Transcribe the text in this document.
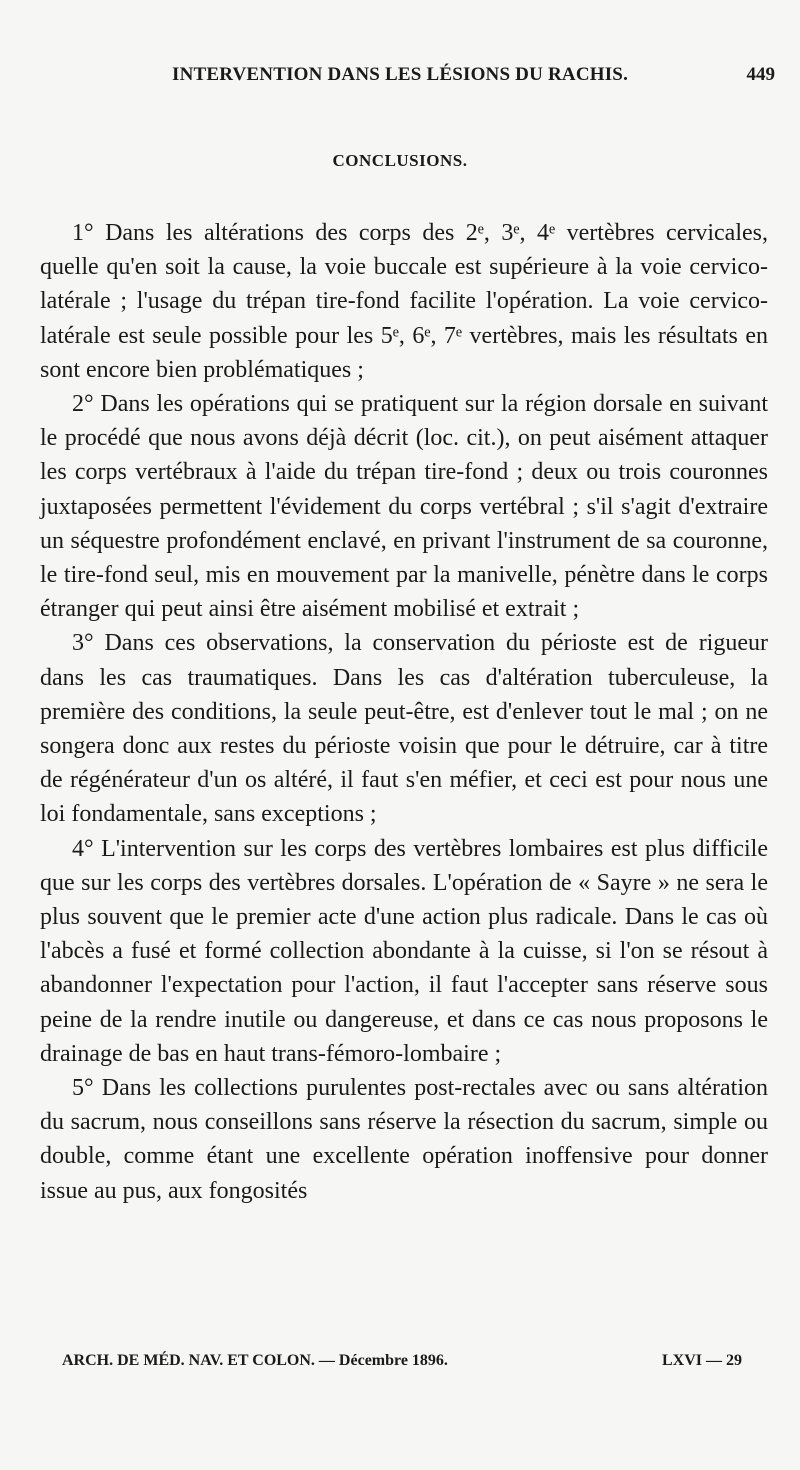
INTERVENTION DANS LES LÉSIONS DU RACHIS.	449
CONCLUSIONS.

1° Dans les altérations des corps des 2ᵉ, 3ᵉ, 4ᵉ vertèbres cervicales, quelle qu'en soit la cause, la voie buccale est supérieure à la voie cervico-latérale ; l'usage du trépan tire-fond facilite l'opération. La voie cervico-latérale est seule possible pour les 5ᵉ, 6ᵉ, 7ᵉ vertèbres, mais les résultats en sont encore bien problématiques ;

2° Dans les opérations qui se pratiquent sur la région dorsale en suivant le procédé que nous avons déjà décrit (loc. cit.), on peut aisément attaquer les corps vertébraux à l'aide du trépan tire-fond ; deux ou trois couronnes juxtaposées permettent l'évidement du corps vertébral ; s'il s'agit d'extraire un séquestre profondément enclavé, en privant l'instrument de sa couronne, le tire-fond seul, mis en mouvement par la manivelle, pénètre dans le corps étranger qui peut ainsi être aisément mobilisé et extrait ;

3° Dans ces observations, la conservation du périoste est de rigueur dans les cas traumatiques. Dans les cas d'altération tuberculeuse, la première des conditions, la seule peut-être, est d'enlever tout le mal ; on ne songera donc aux restes du périoste voisin que pour le détruire, car à titre de régénérateur d'un os altéré, il faut s'en méfier, et ceci est pour nous une loi fondamentale, sans exceptions ;

4° L'intervention sur les corps des vertèbres lombaires est plus difficile que sur les corps des vertèbres dorsales. L'opération de « Sayre » ne sera le plus souvent que le premier acte d'une action plus radicale. Dans le cas où l'abcès a fusé et formé collection abondante à la cuisse, si l'on se résout à abandonner l'expectation pour l'action, il faut l'accepter sans réserve sous peine de la rendre inutile ou dangereuse, et dans ce cas nous proposons le drainage de bas en haut trans-fémoro-lombaire ;

5° Dans les collections purulentes post-rectales avec ou sans altération du sacrum, nous conseillons sans réserve la résection du sacrum, simple ou double, comme étant une excellente opération inoffensive pour donner issue au pus, aux fongosités

ARCH. DE MÉD. NAV. ET COLON. — Décembre 1896.	LXVI — 29
